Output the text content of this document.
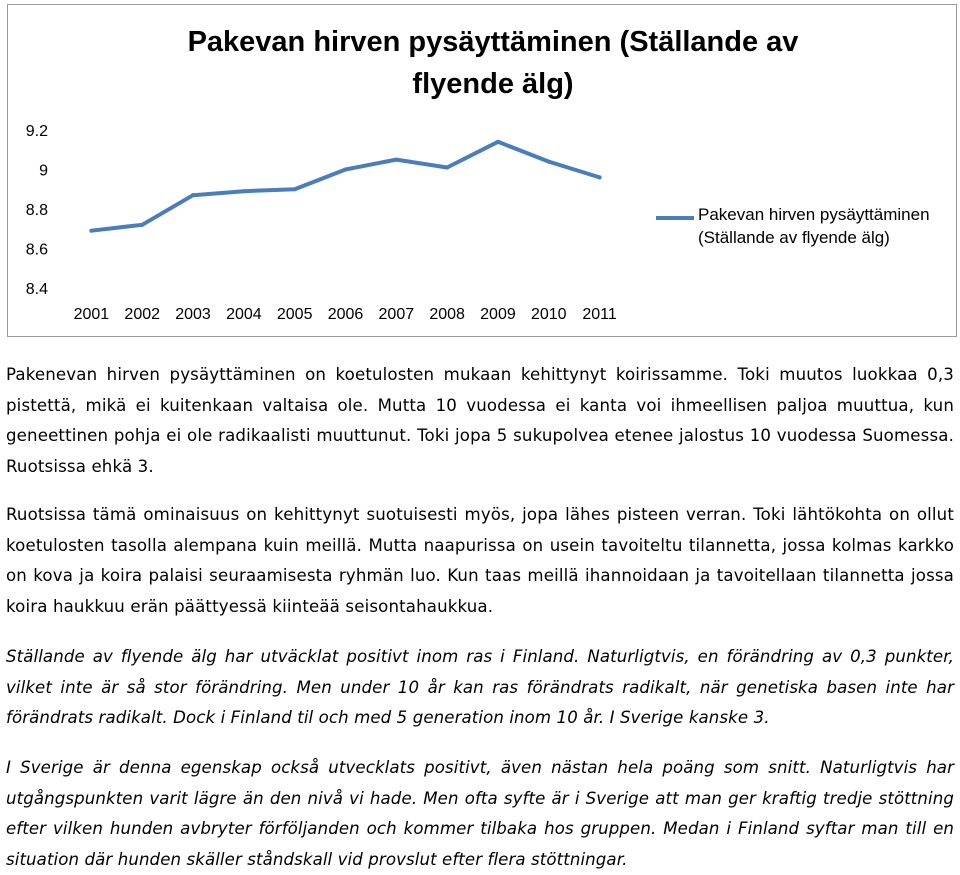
Pakevan hirven pysäyttäminen (Ställande av flyende älg)
8.4
8.6
8.8
9
9.2
2001 2002 2003 2004 2005 2006 2007 2008 2009 2010 2011
Pakevan hirven pysäyttäminen
(Ställande av flyende älg)

Pakenevan hirven pysäyttäminen on koetulosten mukaan kehittynyt koirissamme. Toki muutos luokkaa 0,3 pistettä, mikä ei kuitenkaan valtaisa ole. Mutta 10 vuodessa ei kanta voi ihmeellisen paljoa muuttua, kun geneettinen pohja ei ole radikaalisti muuttunut. Toki jopa 5 sukupolvea etenee jalostus 10 vuodessa Suomessa. Ruotsissa ehkä 3.

Ruotsissa tämä ominaisuus on kehittynyt suotuisesti myös, jopa lähes pisteen verran. Toki lähtökohta on ollut koetulosten tasolla alempana kuin meillä. Mutta naapurissa on usein tavoiteltu tilannetta, jossa kolmas karkko on kova ja koira palaisi seuraamisesta ryhmän luo. Kun taas meillä ihannoidaan ja tavoitellaan tilannetta jossa koira haukkuu erän päättyessä kiinteää seisontahaukkua.

Ställande av flyende älg har utväcklat positivt inom ras i Finland. Naturligtvis, en förändring av 0,3 punkter, vilket inte är så stor förändring. Men under 10 år kan ras förändrats radikalt, när genetiska basen inte har förändrats radikalt. Dock i Finland til och med 5 generation inom 10 år. I Sverige kanske 3.

I Sverige är denna egenskap också utvecklats positivt, även nästan hela poäng som snitt. Naturligtvis har utgångspunkten varit lägre än den nivå vi hade. Men ofta syfte är i Sverige att man ger kraftig tredje stöttning efter vilken hunden avbryter förföljanden och kommer tilbaka hos gruppen. Medan i Finland syftar man till en situation där hunden skäller ståndskall vid provslut efter flera stöttningar.
